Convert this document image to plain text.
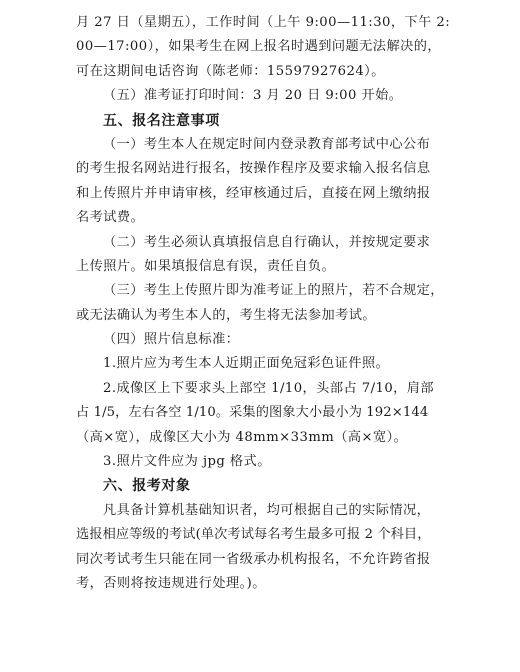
月 27 日（星期五），工作时间（上午 9:00—11:30，下午 2:
00—17:00），如果考生在网上报名时遇到问题无法解决的，
可在这期间电话咨询（陈老师：15597927624）。
（五）准考证打印时间：3 月 20 日 9:00 开始。
五、报名注意事项
（一）考生本人在规定时间内登录教育部考试中心公布
的考生报名网站进行报名，按操作程序及要求输入报名信息
和上传照片并申请审核，经审核通过后，直接在网上缴纳报
名考试费。
（二）考生必须认真填报信息自行确认，并按规定要求
上传照片。如果填报信息有误，责任自负。
（三）考生上传照片即为准考证上的照片，若不合规定，
或无法确认为考生本人的，考生将无法参加考试。
（四）照片信息标准：
1.照片应为考生本人近期正面免冠彩色证件照。
2.成像区上下要求头上部空 1/10，头部占 7/10，肩部
占 1/5，左右各空 1/10。采集的图象大小最小为 192×144
（高×宽），成像区大小为 48mm×33mm（高×宽）。
3.照片文件应为 jpg 格式。
六、报考对象
凡具备计算机基础知识者，均可根据自己的实际情况，
选报相应等级的考试(单次考试每名考生最多可报 2 个科目，
同次考试考生只能在同一省级承办机构报名，不允许跨省报
考，否则将按违规进行处理。)。
